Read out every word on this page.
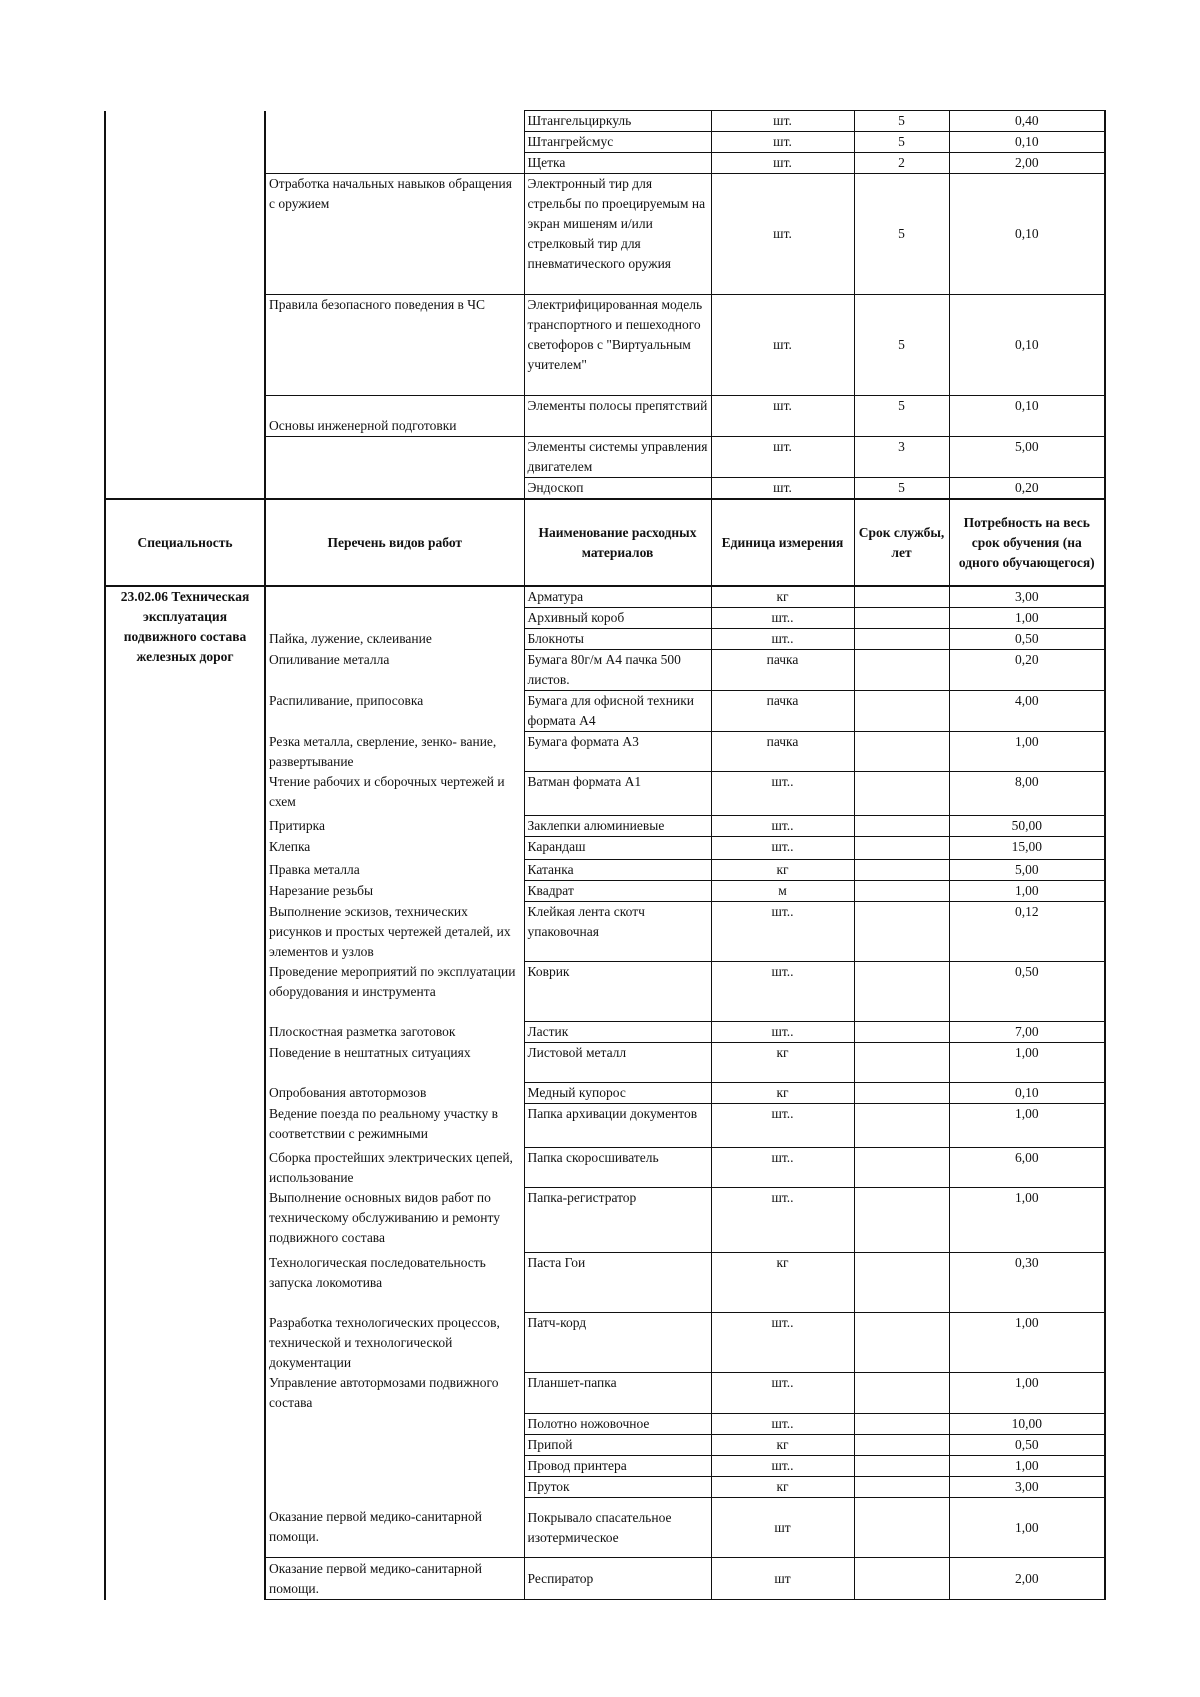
		Штангельциркуль	шт.	5	0,40
		Штангрейсмус	шт.	5	0,10
		Щетка	шт.	2	2,00
	Отработка начальных навыков обращения с оружием	Электронный тир для стрельбы по проецируемым на экран мишеням и/или стрелковый тир для пневматического оружия	шт.	5	0,10
	Правила безопасного поведения в ЧС	Электрифицированная модель транспортного и пешеходного светофоров с "Виртуальным учителем"	шт.	5	0,10
	Основы инженерной подготовки	Элементы полосы препятствий	шт.	5	0,10
		Элементы системы управления двигателем	шт.	3	5,00
		Эндоскоп	шт.	5	0,20
Специальность	Перечень видов работ	Наименование расходных материалов	Единица измерения	Срок службы, лет	Потребность на весь срок обучения (на одного обучающегося)
23.02.06 Техническая эксплуатация подвижного состава железных дорог		Арматура	кг		3,00
		Архивный короб	шт..		1,00
	Пайка, лужение, склеивание	Блокноты	шт..		0,50
	Опиливание металла	Бумага 80г/м А4 пачка 500 листов.	пачка		0,20
	Распиливание, припосовка	Бумага для офисной техники формата А4	пачка		4,00
	Резка металла, сверление, зенко- вание, развертывание	Бумага формата А3	пачка		1,00
	Чтение рабочих и сборочных чертежей и схем	Ватман формата А1	шт..		8,00
	Притирка	Заклепки алюминиевые	шт..		50,00
	Клепка	Карандаш	шт..		15,00
	Правка металла	Катанка	кг		5,00
	Нарезание резьбы	Квадрат	м		1,00
	Выполнение эскизов, технических рисунков и простых чертежей деталей, их элементов и узлов	Клейкая лента скотч упаковочная	шт..		0,12
	Проведение мероприятий по эксплуатации оборудования и инструмента	Коврик	шт..		0,50
	Плоскостная разметка заготовок	Ластик	шт..		7,00
	Поведение в нештатных ситуациях	Листовой металл	кг		1,00
	Опробования автотормозов	Медный купорос	кг		0,10
	Ведение поезда по реальному участку в соответствии с режимными	Папка архивации документов	шт..		1,00
	Сборка простейших электрических цепей, использование	Папка скоросшиватель	шт..		6,00
	Выполнение основных видов работ по техническому обслуживанию и ремонту подвижного состава	Папка-регистратор	шт..		1,00
	Технологическая последовательность запуска локомотива	Паста Гои	кг		0,30
	Разработка технологических процессов, технической и технологической документации	Патч-корд	шт..		1,00
	Управление автотормозами подвижного состава	Планшет-папка	шт..		1,00
		Полотно ножовочное	шт..		10,00
		Припой	кг		0,50
		Провод принтера	шт..		1,00
		Пруток	кг		3,00
	Оказание первой медико-санитарной помощи.	Покрывало спасательное изотермическое	шт		1,00
	Оказание первой медико-санитарной помощи.	Респиратор	шт		2,00
